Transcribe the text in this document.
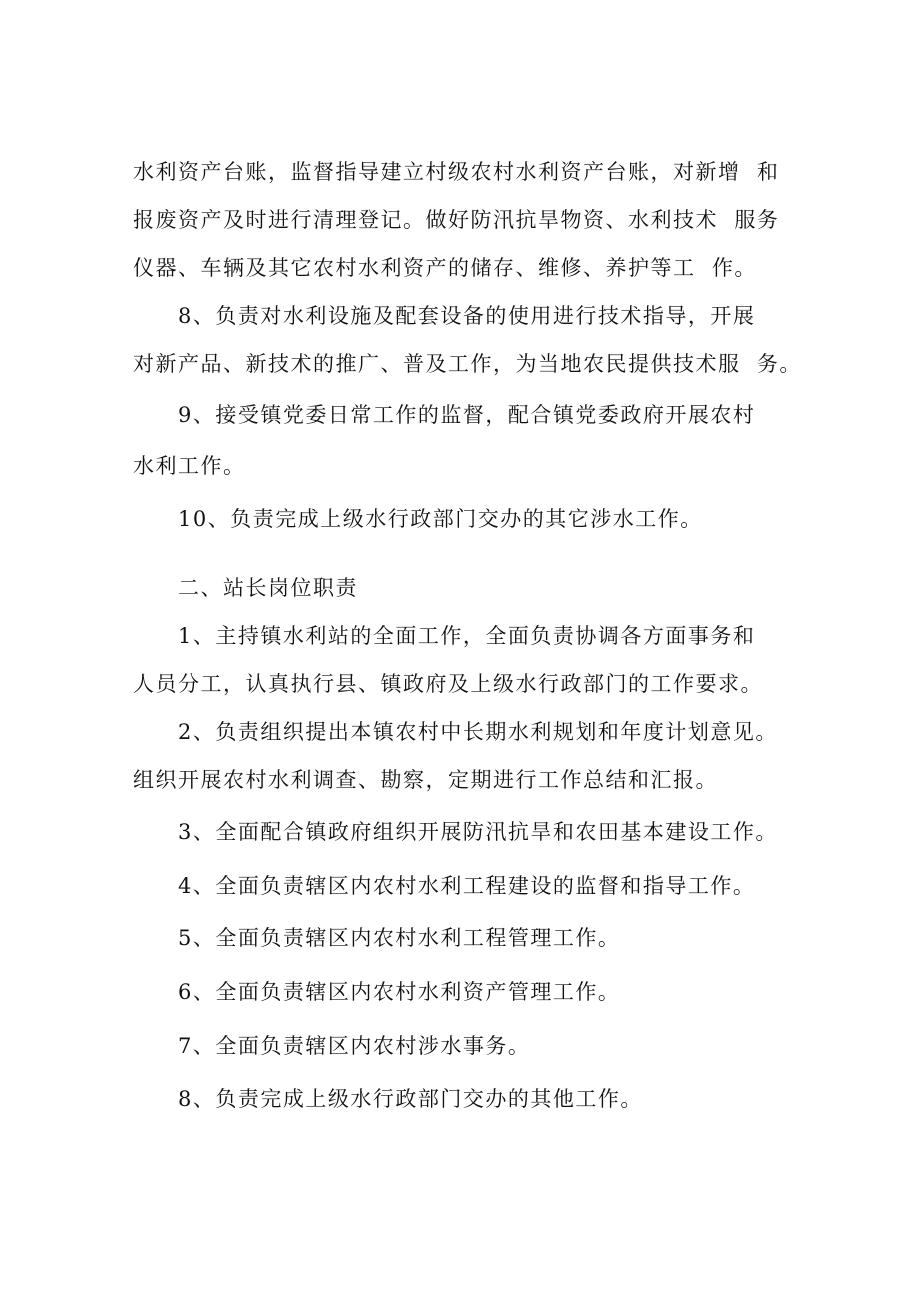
水利资产台账，监督指导建立村级农村水利资产台账，对新增  和
报废资产及时进行清理登记。做好防汛抗旱物资、水利技术  服务
仪器、车辆及其它农村水利资产的储存、维修、养护等工  作。
8、负责对水利设施及配套设备的使用进行技术指导，开展
对新产品、新技术的推广、普及工作，为当地农民提供技术服  务。
9、接受镇党委日常工作的监督，配合镇党委政府开展农村
水利工作。
10、负责完成上级水行政部门交办的其它涉水工作。
二、站长岗位职责
1、主持镇水利站的全面工作，全面负责协调各方面事务和
人员分工，认真执行县、镇政府及上级水行政部门的工作要求。
2、负责组织提出本镇农村中长期水利规划和年度计划意见。
组织开展农村水利调查、勘察，定期进行工作总结和汇报。
3、全面配合镇政府组织开展防汛抗旱和农田基本建设工作。
4、全面负责辖区内农村水利工程建设的监督和指导工作。
5、全面负责辖区内农村水利工程管理工作。
6、全面负责辖区内农村水利资产管理工作。
7、全面负责辖区内农村涉水事务。
8、负责完成上级水行政部门交办的其他工作。
